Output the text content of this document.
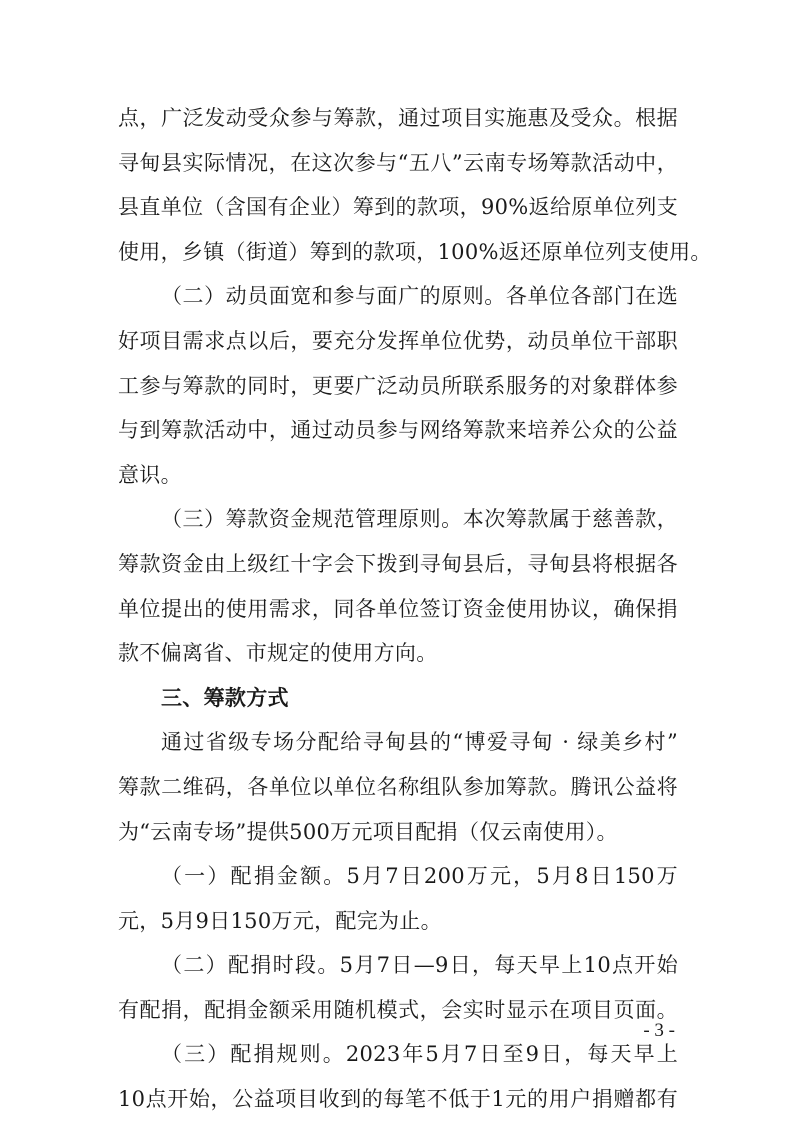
点，广泛发动受众参与筹款，通过项目实施惠及受众。根据
寻甸县实际情况，在这次参与“五八”云南专场筹款活动中，
县直单位（含国有企业）筹到的款项，90%返给原单位列支
使用，乡镇（街道）筹到的款项，100%返还原单位列支使用。
（二）动员面宽和参与面广的原则。各单位各部门在选
好项目需求点以后，要充分发挥单位优势，动员单位干部职
工参与筹款的同时，更要广泛动员所联系服务的对象群体参
与到筹款活动中，通过动员参与网络筹款来培养公众的公益
意识。
（三）筹款资金规范管理原则。本次筹款属于慈善款，
筹款资金由上级红十字会下拨到寻甸县后，寻甸县将根据各
单位提出的使用需求，同各单位签订资金使用协议，确保捐
款不偏离省、市规定的使用方向。
三、筹款方式
通过省级专场分配给寻甸县的“博爱寻甸 · 绿美乡村”
筹款二维码，各单位以单位名称组队参加筹款。腾讯公益将
为“云南专场”提供500万元项目配捐（仅云南使用）。
（一）配捐金额。5月7日200万元，5月8日150万
元，5月9日150万元，配完为止。
（二）配捐时段。5月7日—9日，每天早上10点开始
有配捐，配捐金额采用随机模式，会实时显示在项目页面。
（三）配捐规则。2023年5月7日至9日，每天早上
10点开始，公益项目收到的每笔不低于1元的用户捐赠都有
- 3 -
